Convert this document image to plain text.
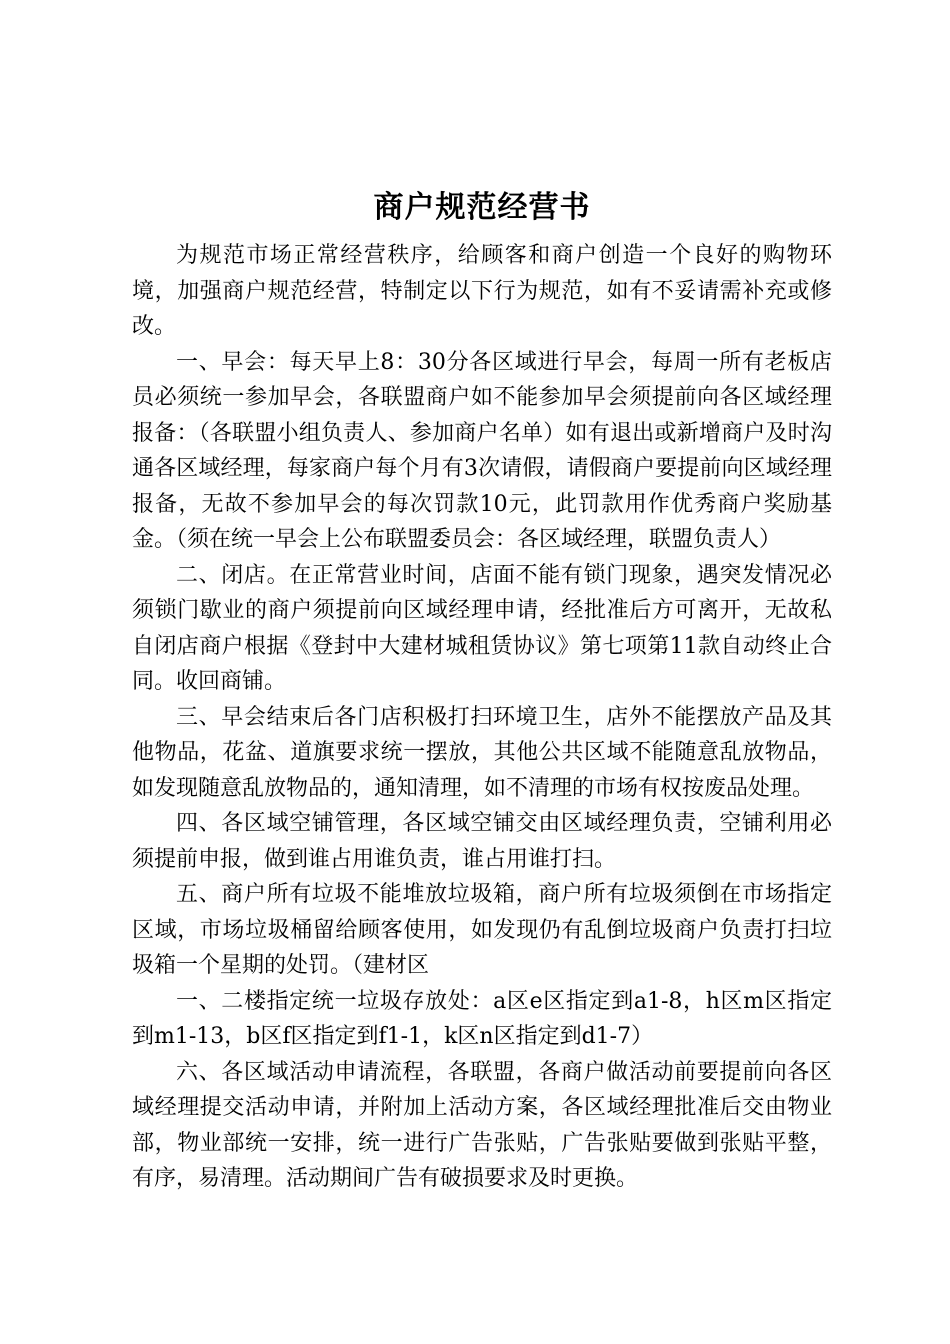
商户规范经营书

为规范市场正常经营秩序，给顾客和商户创造一个良好的购物环境，加强商户规范经营，特制定以下行为规范，如有不妥请需补充或修改。

一、早会：每天早上8：30分各区域进行早会，每周一所有老板店员必须统一参加早会，各联盟商户如不能参加早会须提前向各区域经理报备：（各联盟小组负责人、参加商户名单）如有退出或新增商户及时沟通各区域经理，每家商户每个月有3次请假，请假商户要提前向区域经理报备，无故不参加早会的每次罚款10元，此罚款用作优秀商户奖励基金。（须在统一早会上公布联盟委员会：各区域经理，联盟负责人）

二、闭店。在正常营业时间，店面不能有锁门现象，遇突发情况必须锁门歇业的商户须提前向区域经理申请，经批准后方可离开，无故私自闭店商户根据《登封中大建材城租赁协议》第七项第11款自动终止合同。收回商铺。

三、早会结束后各门店积极打扫环境卫生，店外不能摆放产品及其他物品，花盆、道旗要求统一摆放，其他公共区域不能随意乱放物品，如发现随意乱放物品的，通知清理，如不清理的市场有权按废品处理。

四、各区域空铺管理，各区域空铺交由区域经理负责，空铺利用必须提前申报，做到谁占用谁负责，谁占用谁打扫。

五、商户所有垃圾不能堆放垃圾箱，商户所有垃圾须倒在市场指定区域，市场垃圾桶留给顾客使用，如发现仍有乱倒垃圾商户负责打扫垃圾箱一个星期的处罚。（建材区

一、二楼指定统一垃圾存放处：a区e区指定到a1-8，h区m区指定到m1-13，b区f区指定到f1-1，k区n区指定到d1-7）

六、各区域活动申请流程，各联盟，各商户做活动前要提前向各区域经理提交活动申请，并附加上活动方案，各区域经理批准后交由物业部，物业部统一安排，统一进行广告张贴，广告张贴要做到张贴平整，有序，易清理。活动期间广告有破损要求及时更换。
